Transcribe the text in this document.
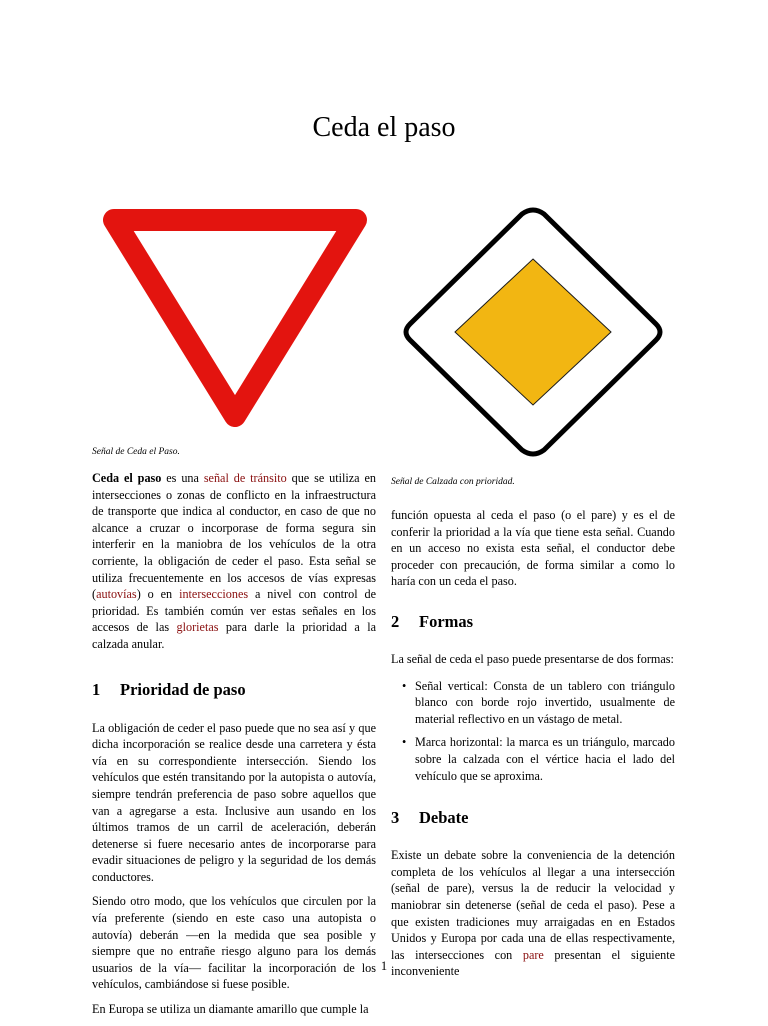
Ceda el paso

Señal de Ceda el Paso.

Señal de Calzada con prioridad.

Ceda el paso es una señal de tránsito que se utiliza en intersecciones o zonas de conflicto en la infraestructura de transporte que indica al conductor, en caso de que no alcance a cruzar o incorporase de forma segura sin interferir en la maniobra de los vehículos de la otra corriente, la obligación de ceder el paso. Esta señal se utiliza frecuentemente en los accesos de vías expresas (autovías) o en intersecciones a nivel con control de prioridad. Es también común ver estas señales en los accesos de las glorietas para darle la prioridad a la calzada anular.

1 Prioridad de paso

La obligación de ceder el paso puede que no sea así y que dicha incorporación se realice desde una carretera y ésta vía en su correspondiente intersección. Siendo los vehículos que estén transitando por la autopista o autovía, siempre tendrán preferencia de paso sobre aquellos que van a agregarse a esta. Inclusive aun usando en los últimos tramos de un carril de aceleración, deberán detenerse si fuere necesario antes de incorporarse para evadir situaciones de peligro y la seguridad de los demás conductores.

Siendo otro modo, que los vehículos que circulen por la vía preferente (siendo en este caso una autopista o autovía) deberán —en la medida que sea posible y siempre que no entrañe riesgo alguno para los demás usuarios de la vía— facilitar la incorporación de los vehículos, cambiándose si fuese posible.

En Europa se utiliza un diamante amarillo que cumple la

función opuesta al ceda el paso (o el pare) y es el de conferir la prioridad a la vía que tiene esta señal. Cuando en un acceso no exista esta señal, el conductor debe proceder con precaución, de forma similar a como lo haría con un ceda el paso.

2 Formas

La señal de ceda el paso puede presentarse de dos formas:

• Señal vertical: Consta de un tablero con triángulo blanco con borde rojo invertido, usualmente de material reflectivo en un vástago de metal.
• Marca horizontal: la marca es un triángulo, marcado sobre la calzada con el vértice hacia el lado del vehículo que se aproxima.
3 Debate

Existe un debate sobre la conveniencia de la detención completa de los vehículos al llegar a una intersección (señal de pare), versus la de reducir la velocidad y maniobrar sin detenerse (señal de ceda el paso). Pese a que existen tradiciones muy arraigadas en en Estados Unidos y Europa por cada una de ellas respectivamente, las intersecciones con pare presentan el siguiente inconveniente

1
